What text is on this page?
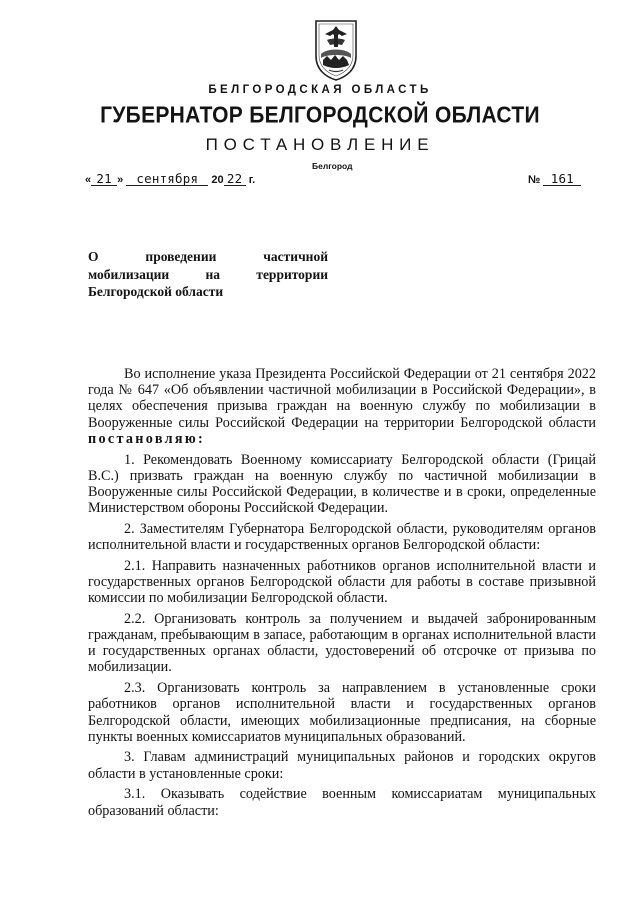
БЕЛГОРОДСКАЯ ОБЛАСТЬ
ГУБЕРНАТОР БЕЛГОРОДСКОЙ ОБЛАСТИ
ПОСТАНОВЛЕНИЕ
Белгород
« 21 » сентября 20 22 г.	№ 161
О проведении частичной
мобилизации на территории
Белгородской области

Во исполнение указа Президента Российской Федерации от 21 сентября 2022 года № 647 «Об объявлении частичной мобилизации в Российской Федерации», в целях обеспечения призыва граждан на военную службу по мобилизации в Вооруженные силы Российской Федерации на территории Белгородской области постановляю:

1. Рекомендовать Военному комиссариату Белгородской области (Грицай В.С.) призвать граждан на военную службу по частичной мобилизации в Вооруженные силы Российской Федерации, в количестве и в сроки, определенные Министерством обороны Российской Федерации.

2. Заместителям Губернатора Белгородской области, руководителям органов исполнительной власти и государственных органов Белгородской области:

2.1. Направить назначенных работников органов исполнительной власти и государственных органов Белгородской области для работы в составе призывной комиссии по мобилизации Белгородской области.

2.2. Организовать контроль за получением и выдачей забронированным гражданам, пребывающим в запасе, работающим в органах исполнительной власти и государственных органах области, удостоверений об отсрочке от призыва по мобилизации.

2.3. Организовать контроль за направлением в установленные сроки работников органов исполнительной власти и государственных органов Белгородской области, имеющих мобилизационные предписания, на сборные пункты военных комиссариатов муниципальных образований.

3. Главам администраций муниципальных районов и городских округов области в установленные сроки:

3.1. Оказывать содействие военным комиссариатам муниципальных образований области:
